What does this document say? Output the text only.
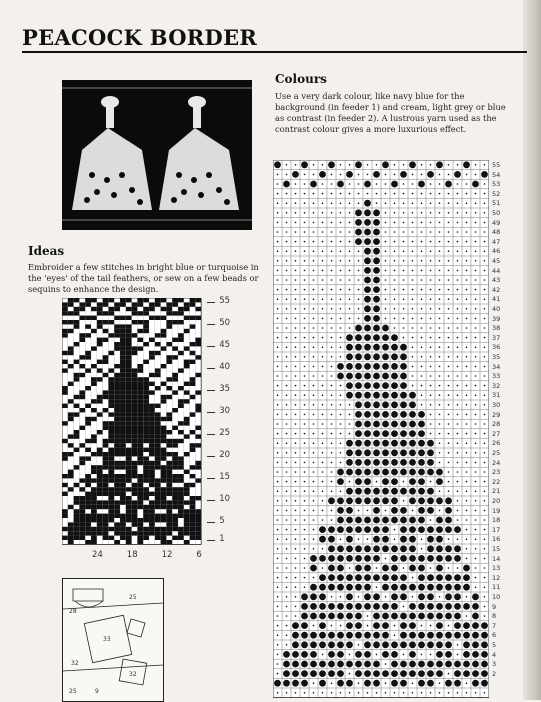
PEACOCK BORDER
Colours
Use a very dark colour, like navy blue for the background (in feeder 1) and cream, light grey or blue as contrast (in feeder 2). A lustrous yarn used as the contrast colour gives a more luxurious effect.
Ideas
Embroider a few stitches in bright blue or turquoise in the 'eyes' of the tail feathers, or sew on a few beads or sequins to enhance the design.
55
50
45
40
35
30
25
20
15
10
5
1
6
12
18
24
55
54
53
52
51
50
49
48
47
46
45
44
43
42
41
40
39
38
37
36
35
34
33
32
31
30
29
28
27
26
25
24
23
22
21
20
19
18
17
16
15
14
13
12
11
10
9
8
7
6
5
4
3
2
28
25
33
32
32
25	9
